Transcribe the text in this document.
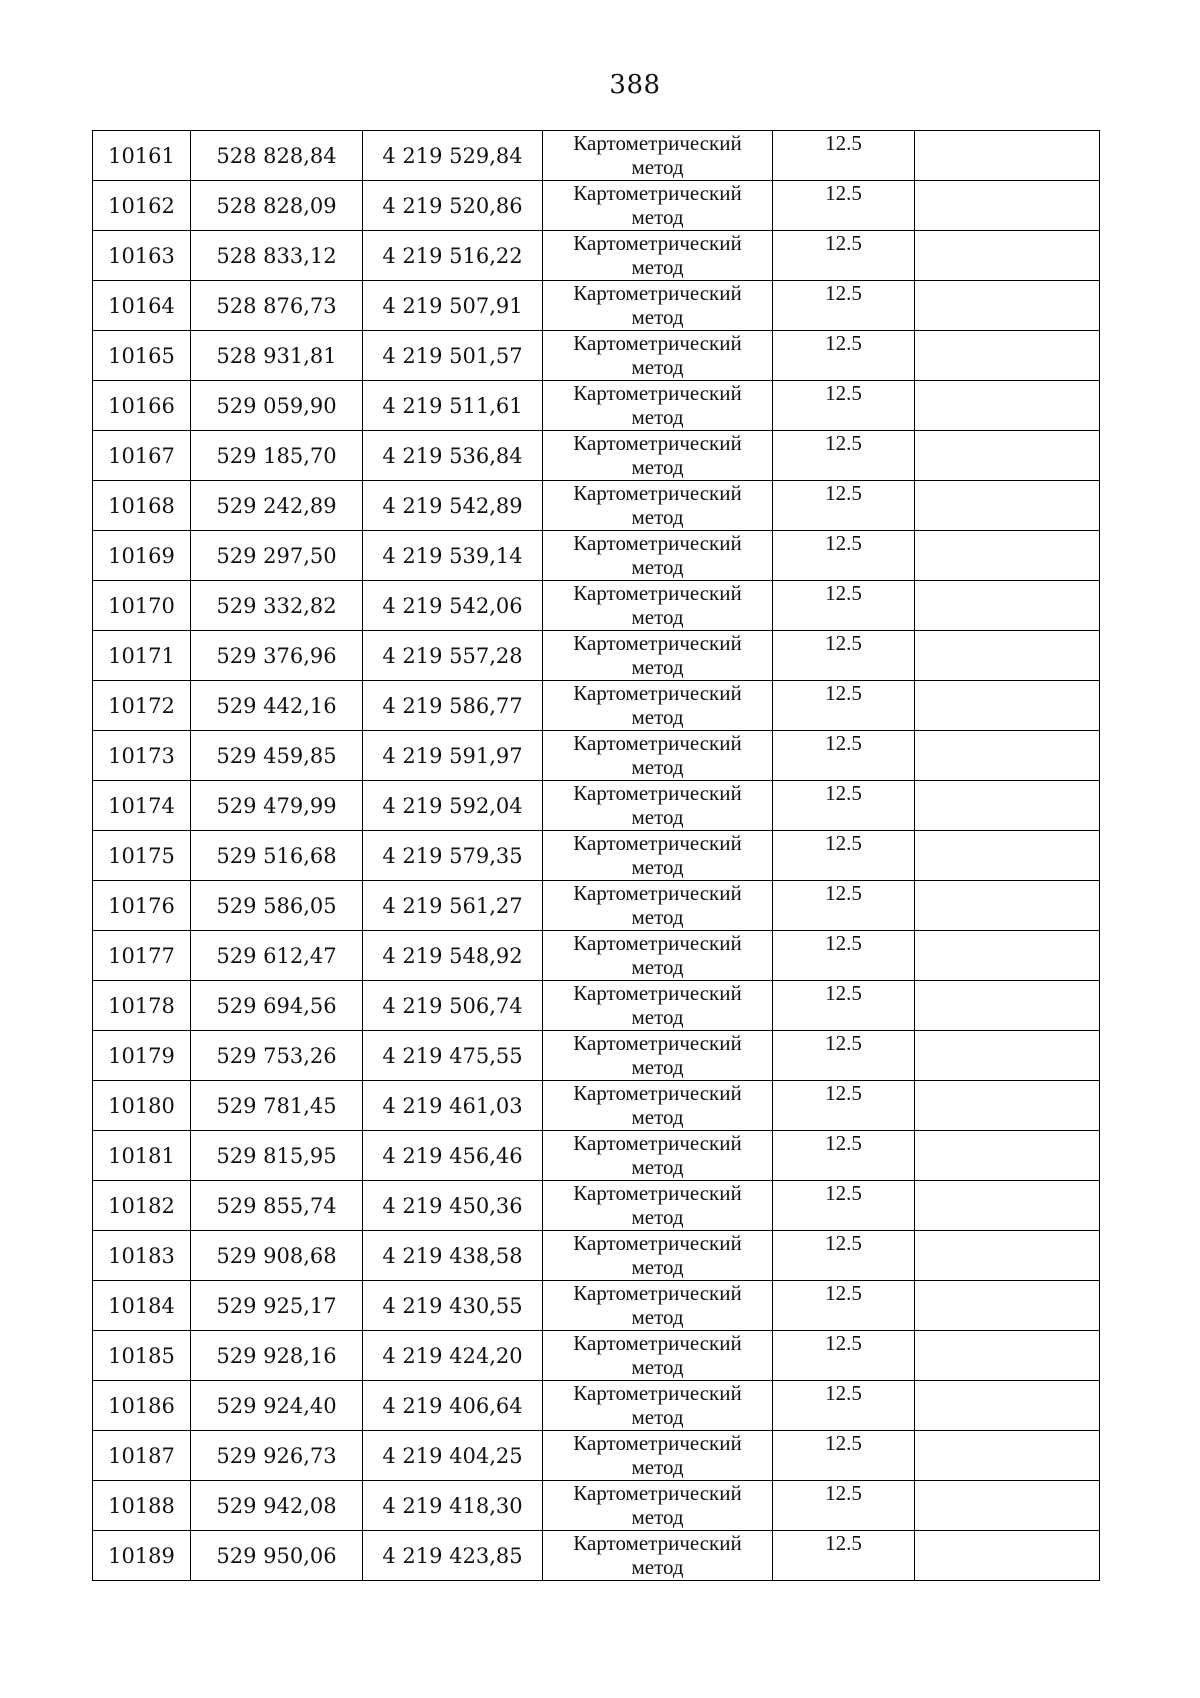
388
10161	528 828,84	4 219 529,84	Картометрический
метод	12.5	
10162	528 828,09	4 219 520,86	Картометрический
метод	12.5	
10163	528 833,12	4 219 516,22	Картометрический
метод	12.5	
10164	528 876,73	4 219 507,91	Картометрический
метод	12.5	
10165	528 931,81	4 219 501,57	Картометрический
метод	12.5	
10166	529 059,90	4 219 511,61	Картометрический
метод	12.5	
10167	529 185,70	4 219 536,84	Картометрический
метод	12.5	
10168	529 242,89	4 219 542,89	Картометрический
метод	12.5	
10169	529 297,50	4 219 539,14	Картометрический
метод	12.5	
10170	529 332,82	4 219 542,06	Картометрический
метод	12.5	
10171	529 376,96	4 219 557,28	Картометрический
метод	12.5	
10172	529 442,16	4 219 586,77	Картометрический
метод	12.5	
10173	529 459,85	4 219 591,97	Картометрический
метод	12.5	
10174	529 479,99	4 219 592,04	Картометрический
метод	12.5	
10175	529 516,68	4 219 579,35	Картометрический
метод	12.5	
10176	529 586,05	4 219 561,27	Картометрический
метод	12.5	
10177	529 612,47	4 219 548,92	Картометрический
метод	12.5	
10178	529 694,56	4 219 506,74	Картометрический
метод	12.5	
10179	529 753,26	4 219 475,55	Картометрический
метод	12.5	
10180	529 781,45	4 219 461,03	Картометрический
метод	12.5	
10181	529 815,95	4 219 456,46	Картометрический
метод	12.5	
10182	529 855,74	4 219 450,36	Картометрический
метод	12.5	
10183	529 908,68	4 219 438,58	Картометрический
метод	12.5	
10184	529 925,17	4 219 430,55	Картометрический
метод	12.5	
10185	529 928,16	4 219 424,20	Картометрический
метод	12.5	
10186	529 924,40	4 219 406,64	Картометрический
метод	12.5	
10187	529 926,73	4 219 404,25	Картометрический
метод	12.5	
10188	529 942,08	4 219 418,30	Картометрический
метод	12.5	
10189	529 950,06	4 219 423,85	Картометрический
метод	12.5	
